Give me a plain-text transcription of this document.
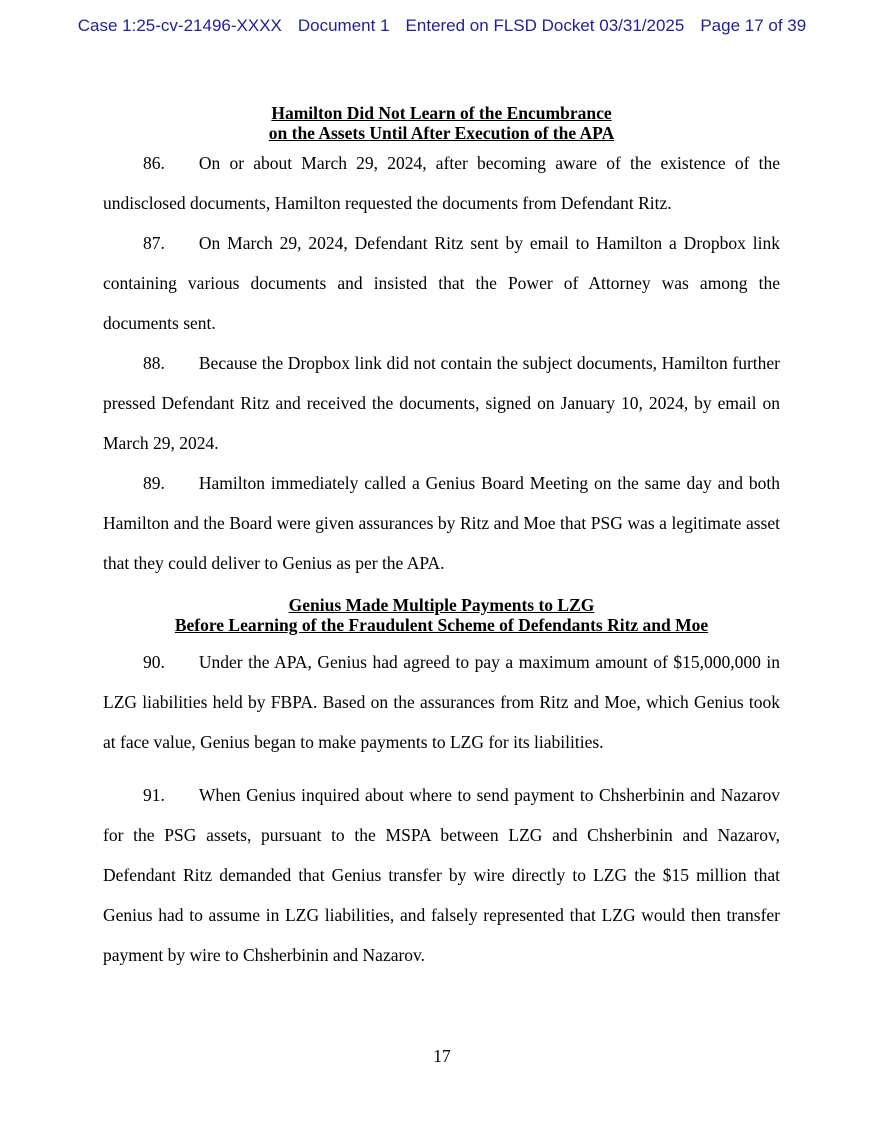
Case 1:25-cv-21496-XXXX Document 1 Entered on FLSD Docket 03/31/2025 Page 17 of 39
Hamilton Did Not Learn of the Encumbrance
on the Assets Until After Execution of the APA

86. On or about March 29, 2024, after becoming aware of the existence of the undisclosed documents, Hamilton requested the documents from Defendant Ritz.

87. On March 29, 2024, Defendant Ritz sent by email to Hamilton a Dropbox link containing various documents and insisted that the Power of Attorney was among the documents sent.

88. Because the Dropbox link did not contain the subject documents, Hamilton further pressed Defendant Ritz and received the documents, signed on January 10, 2024, by email on March 29, 2024.

89. Hamilton immediately called a Genius Board Meeting on the same day and both Hamilton and the Board were given assurances by Ritz and Moe that PSG was a legitimate asset that they could deliver to Genius as per the APA.

Genius Made Multiple Payments to LZG
Before Learning of the Fraudulent Scheme of Defendants Ritz and Moe

90. Under the APA, Genius had agreed to pay a maximum amount of $15,000,000 in LZG liabilities held by FBPA. Based on the assurances from Ritz and Moe, which Genius took at face value, Genius began to make payments to LZG for its liabilities.

91. When Genius inquired about where to send payment to Chsherbinin and Nazarov for the PSG assets, pursuant to the MSPA between LZG and Chsherbinin and Nazarov, Defendant Ritz demanded that Genius transfer by wire directly to LZG the $15 million that Genius had to assume in LZG liabilities, and falsely represented that LZG would then transfer payment by wire to Chsherbinin and Nazarov.

17
